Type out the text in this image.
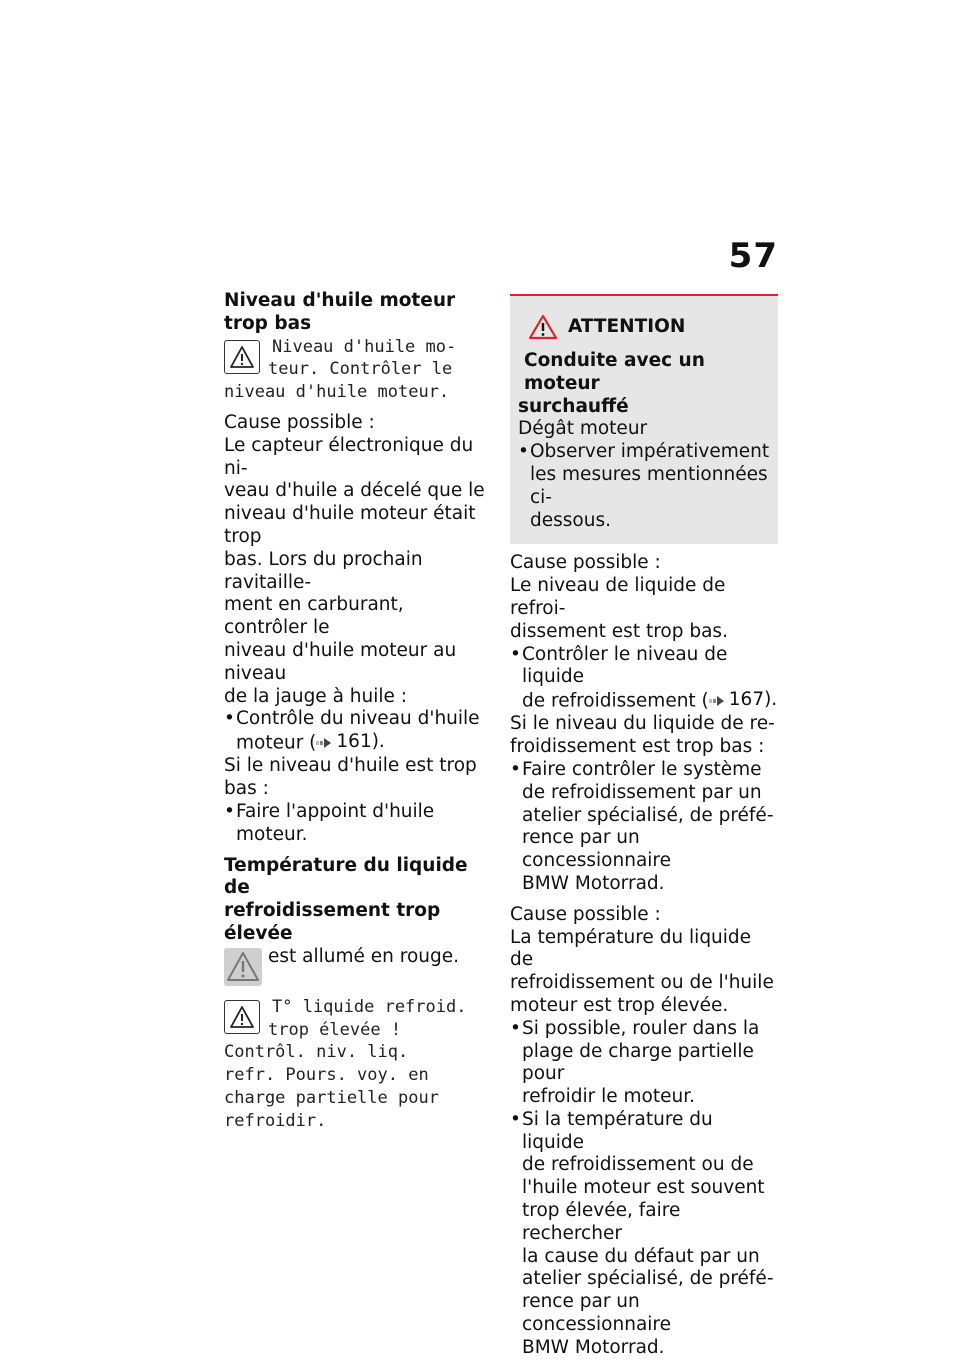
57
Niveau d'huile moteur trop bas
Niveau d'huile mo-
teur. Contrôler le
niveau d'huile moteur.
Cause possible :
Le capteur électronique du ni-
veau d'huile a décelé que le
niveau d'huile moteur était trop
bas. Lors du prochain ravitaille-
ment en carburant, contrôler le
niveau d'huile moteur au niveau
de la jauge à huile :
• Contrôle du niveau d'huile
moteur ( 161).
Si le niveau d'huile est trop
bas :
• Faire l'appoint d'huile moteur.
Température du liquide de
refroidissement trop élevée
est allumé en rouge.
T° liquide refroid.
trop élevée !
Contrôl. niv. liq.
refr. Pours. voy. en
charge partielle pour
refroidir.
ATTENTION
Conduite avec un moteur
surchauffé
Dégât moteur
• Observer impérativement
les mesures mentionnées ci-
dessous.
Cause possible :
Le niveau de liquide de refroi-
dissement est trop bas.
• Contrôler le niveau de liquide
de refroidissement ( 167).
Si le niveau du liquide de re-
froidissement est trop bas :
• Faire contrôler le système
de refroidissement par un
atelier spécialisé, de préfé-
rence par un concessionnaire
BMW Motorrad.
Cause possible :
La température du liquide de
refroidissement ou de l'huile
moteur est trop élevée.
• Si possible, rouler dans la
plage de charge partielle pour
refroidir le moteur.
• Si la température du liquide
de refroidissement ou de
l'huile moteur est souvent
trop élevée, faire rechercher
la cause du défaut par un
atelier spécialisé, de préfé-
rence par un concessionnaire
BMW Motorrad.
